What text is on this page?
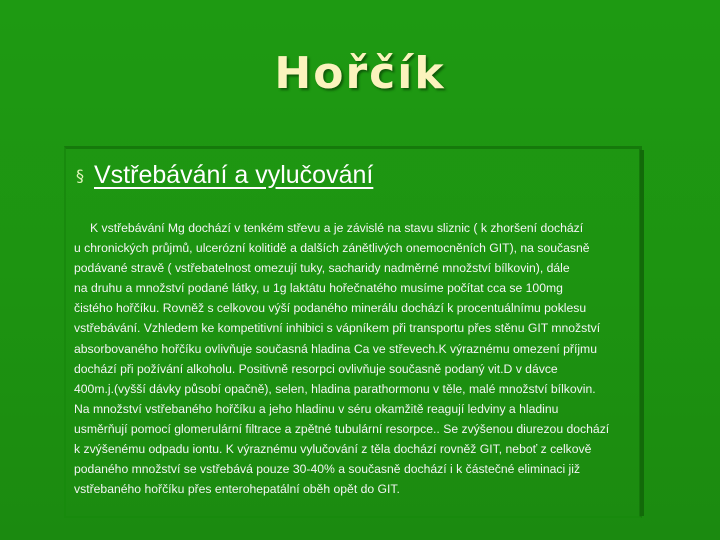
Hořčík
§ Vstřebávání a vylučování

K vstřebávání Mg dochází v tenkém střevu a je závislé na stavu sliznic ( k zhoršení dochází

u chronických průjmů, ulcerózní kolitidě a dalších zánětlivých onemocněních GIT), na současně

podávané stravě ( vstřebatelnost omezují tuky, sacharidy nadměrné množství bílkovin), dále

na druhu a množství podané látky, u 1g laktátu hořečnatého musíme počítat cca se 100mg

čistého hořčíku. Rovněž s celkovou výší podaného minerálu dochází k procentuálnímu poklesu

vstřebávání. Vzhledem ke kompetitivní inhibici s vápníkem při transportu přes stěnu GIT množství

absorbovaného hořčíku ovlivňuje současná hladina Ca ve střevech.K výraznému omezení příjmu

dochází při požívání alkoholu. Positivně resorpci ovlivňuje současně podaný vit.D v dávce

400m.j.(vyšší dávky působí opačně), selen, hladina parathormonu v těle, malé množství bílkovin.

Na množství vstřebaného hořčíku a jeho hladinu v séru okamžitě reagují ledviny a hladinu

usměrňují pomocí glomerulární filtrace a zpětné tubulární resorpce.. Se zvýšenou diurezou dochází

k zvýšenému odpadu iontu. K výraznému vylučování z těla dochází rovněž GIT, neboť z celkově

podaného množství se vstřebává pouze 30-40% a současně dochází i k částečné eliminaci již

vstřebaného hořčíku přes enterohepatální oběh opět do GIT.
